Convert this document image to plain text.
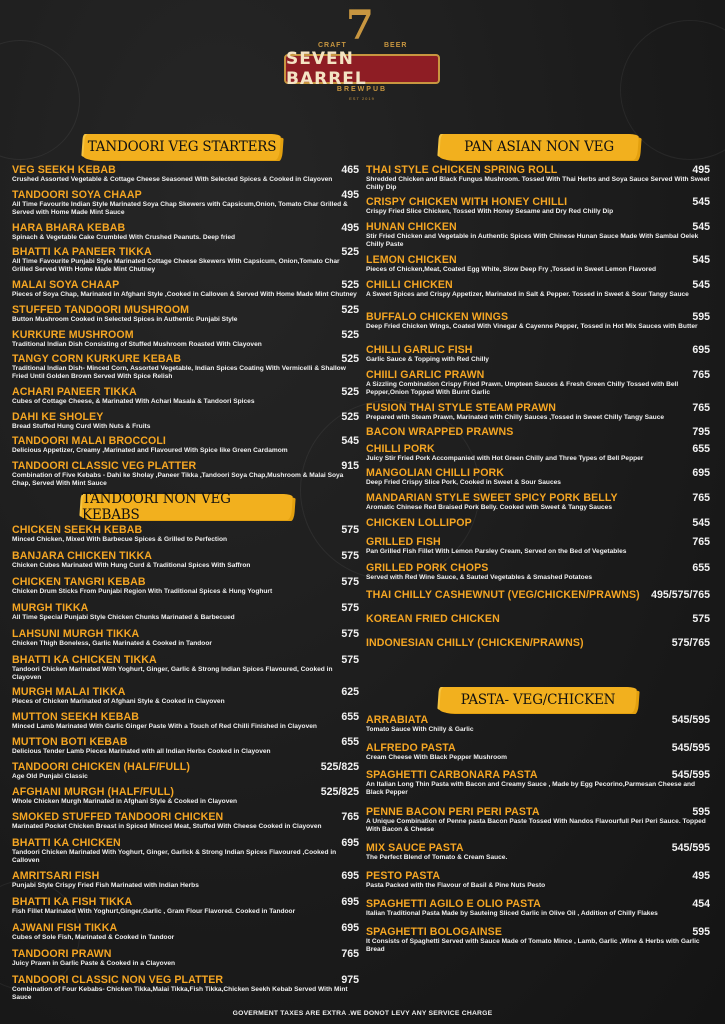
7
CRAFT	BEER
SEVEN BARREL
BREWPUB
EST 2019
TANDOORI VEG STARTERS	PAN ASIAN NON VEG
TANDOORI NON VEG KEBABS
PASTA- VEG/CHICKEN
VEG SEEKH KEBAB	465
Crushed Assorted Vegetable & Cottage Cheese Seasoned With Selected Spices & Cooked in Clayoven
TANDOORI SOYA CHAAP	495
All Time Favourite Indian Style Marinated Soya Chap Skewers with Capsicum,Onion, Tomato Char Grilled & Served with Home Made Mint Sauce
HARA BHARA KEBAB	495
Spinach & Vegetable Cake Crumbled With Crushed Peanuts. Deep fried
BHATTI KA PANEER TIKKA	525
All Time Favourite Punjabi Style Marinated Cottage Cheese Skewers With Capsicum, Onion,Tomato Char Grilled Served With Home Made Mint Chutney
MALAI SOYA CHAAP	525
Pieces of Soya Chap, Marinated in Afghani Style ,Cooked in Calloven & Served With Home Made Mint Chutney
STUFFED TANDOORI MUSHROOM	525
Button Mushroom Cooked in Selected Spices in Authentic Punjabi Style
KURKURE MUSHROOM	525
Traditional Indian Dish Consisting of Stuffed Mushroom Roasted With Clayoven
TANGY CORN KURKURE KEBAB	525
Traditional Indian Dish- Minced Corn, Assorted Vegetable, Indian Spices Coating With Vermicelli & Shallow Fried Until Golden Brown Served With Spice Relish
ACHARI PANEER TIKKA	525
Cubes of Cottage Cheese, & Marinated With Achari Masala & Tandoori Spices
DAHI KE SHOLEY	525
Bread Stuffed Hung Curd With Nuts & Fruits
TANDOORI MALAI BROCCOLI	545
Delicious Appetizer, Creamy ,Marinated and Flavoured With Spice like Green Cardamom
TANDOORI CLASSIC VEG PLATTER	915
Combination of Five Kebabs - Dahi ke Sholay ,Paneer Tikka ,Tandoori Soya Chap,Mushroom & Malai Soya Chap, Served With Mint Sauce
CHICKEN SEEKH KEBAB	575
Minced Chicken, Mixed With Barbecue Spices & Grilled to Perfection
BANJARA CHICKEN TIKKA	575
Chicken Cubes Marinated With Hung Curd & Traditional Spices With Saffron
CHICKEN TANGRI KEBAB	575
Chicken Drum Sticks From Punjabi Region With Traditional Spices & Hung Yoghurt
MURGH TIKKA	575
All Time Special Punjabi Style Chicken Chunks Marinated & Barbecued
LAHSUNI MURGH TIKKA	575
Chicken Thigh Boneless, Garlic Marinated & Cooked in Tandoor
BHATTI KA CHICKEN TIKKA	575
Tandoori Chicken Marinated With Yoghurt, Ginger, Garlic & Strong Indian Spices Flavoured, Cooked in Clayoven
MURGH MALAI TIKKA	625
Pieces of Chicken Marinated of Afghani Style & Cooked in Clayoven
MUTTON SEEKH KEBAB	655
Minced Lamb Marinated With Garlic Ginger Paste With a Touch of Red Chilli Finished in Clayoven
MUTTON BOTI KEBAB	655
Delicious Tender Lamb Pieces Marinated with all Indian Herbs Cooked in Clayoven
TANDOORI CHICKEN (HALF/FULL)	525/825
Age Old Punjabi Classic
AFGHANI MURGH (HALF/FULL)	525/825
Whole Chicken Murgh Marinated in Afghani Style & Cooked in Clayoven
SMOKED STUFFED TANDOORI CHICKEN	765
Marinated Pocket Chicken Breast in Spiced Minced Meat, Stuffed With Cheese Cooked in Clayoven
BHATTI KA CHICKEN	695
Tandoori Chicken Marinated With Yoghurt, Ginger, Garlick & Strong Indian Spices Flavoured ,Cooked in Calloven
AMRITSARI FISH	695
Punjabi Style Crispy Fried Fish Marinated with Indian Herbs
BHATTI KA FISH TIKKA	695
Fish Fillet Marinated With Yoghurt,Ginger,Garlic , Gram Flour Flavored. Cooked in Tandoor
AJWANI FISH TIKKA	695
Cubes of Sole Fish, Marinated & Cooked in Tandoor
TANDOORI PRAWN	765
Juicy Prawn in Garlic Paste & Cooked in a Clayoven
TANDOORI CLASSIC NON VEG PLATTER	975
Combination of Four Kebabs- Chicken Tikka,Malai Tikka,Fish Tikka,Chicken Seekh Kebab Served With Mint Sauce
THAI STYLE CHICKEN SPRING ROLL	495
Shredded Chicken and Black Fungus Mushroom. Tossed With Thai Herbs and Soya Sauce Served With Sweet Chilly Dip
CRISPY CHICKEN WITH HONEY CHILLI	545
Crispy Fried Slice Chicken, Tossed With Honey Sesame and Dry Red Chilly Dip
HUNAN CHICKEN	545
Stir Fried Chicken and Vegetable in Authentic Spices With Chinese Hunan Sauce Made With Sambal Oelek Chilly Paste
LEMON CHICKEN	545
Pieces of Chicken,Meat, Coated Egg White, Slow Deep Fry ,Tossed in Sweet Lemon Flavored
CHILLI CHICKEN	545
A Sweet Spices and Crispy Appetizer, Marinated in Salt & Pepper. Tossed in Sweet & Sour Tangy Sauce
BUFFALO CHICKEN WINGS	595
Deep Fried Chicken Wings, Coated With Vinegar & Cayenne Pepper, Tossed in Hot Mix Sauces with Butter
CHILLI GARLIC FISH	695
Garlic Sauce & Topping with Red Chilly
CHIILI GARLIC PRAWN	765
A Sizzling Combination Crispy Fried Prawn, Umpteen Sauces & Fresh Green Chilly Tossed with Bell Pepper,Onion Topped With Burnt Garlic
FUSION THAI STYLE STEAM PRAWN	765
Prepared with Steam Prawn, Marinated with Chilly Sauces ,Tossed in Sweet Chilly Tangy Sauce
BACON WRAPPED PRAWNS	795
CHILLI PORK	655
Juicy Stir Fried Pork Accompanied with Hot Green Chilly and Three Types of Bell Pepper
MANGOLIAN CHILLI PORK	695
Deep Fried Crispy Slice Pork, Cooked in Sweet & Sour Sauces
MANDARIAN STYLE SWEET SPICY PORK BELLY	765
Aromatic Chinese Red Braised Pork Belly. Cooked with Sweet & Tangy Sauces
CHICKEN LOLLIPOP	545
GRILLED FISH	765
Pan Grilled Fish Fillet With Lemon Parsley Cream, Served on the Bed of Vegetables
GRILLED PORK CHOPS	655
Served with Red Wine Sauce, & Sauted Vegetables & Smashed Potatoes
THAI CHILLY CASHEWNUT (VEG/CHICKEN/PRAWNS)	495/575/765
KOREAN FRIED CHICKEN	575
INDONESIAN CHILLY (CHICKEN/PRAWNS)	575/765
ARRABIATA	545/595
Tomato Sauce With Chilly & Garlic
ALFREDO PASTA	545/595
Cream Cheese With Black Pepper Mushroom
SPAGHETTI CARBONARA PASTA	545/595
An Italian Long Thin Pasta with Bacon and Creamy Sauce , Made by Egg Pecorino,Parmesan Cheese and Black Pepper
PENNE BACON PERI PERI PASTA	595
A Unique Combination of Penne pasta Bacon Paste Tossed With Nandos Flavourfull Peri Peri Sauce. Topped With Bacon & Cheese
MIX SAUCE PASTA	545/595
The Perfect Blend of Tomato & Cream Sauce.
PESTO PASTA	495
Pasta Packed with the Flavour of Basil & Pine Nuts Pesto
SPAGHETTI AGILO E OLIO PASTA	454
Italian Traditional Pasta Made by Sauteing Sliced Garlic in Olive Oil , Addition of Chilly Flakes
SPAGHETTI BOLOGAINSE	595
It Consists of Spaghetti Served with Sauce Made of Tomato Mince , Lamb, Garlic ,Wine & Herbs with Garlic Bread
GOVERMENT TAXES ARE EXTRA .WE DONOT LEVY ANY SERVICE CHARGE
